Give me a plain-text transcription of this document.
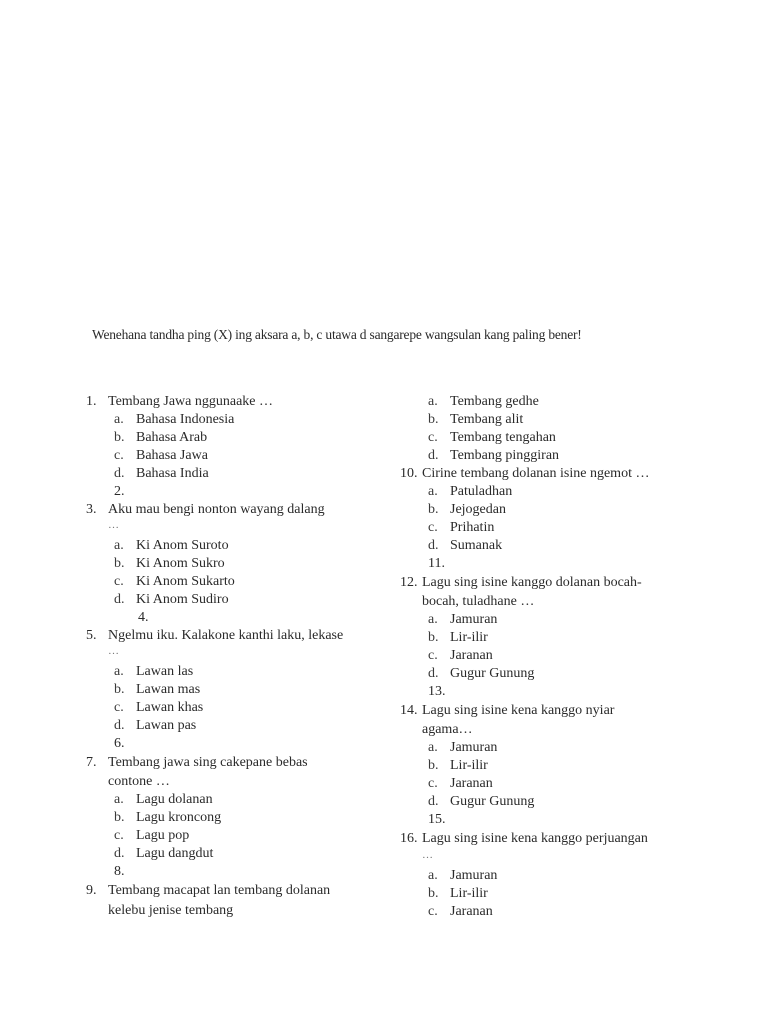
Wenehana tandha ping (X) ing aksara a, b, c utawa d sangarepe wangsulan kang paling bener!
1. Tembang Jawa nggunaake …
a. Bahasa Indonesia
b. Bahasa Arab
c. Bahasa Jawa
d. Bahasa India
2.
3. Aku mau bengi nonton wayang dalang
…
a. Ki Anom Suroto
b. Ki Anom Sukro
c. Ki Anom Sukarto
d. Ki Anom Sudiro
4.
5. Ngelmu iku. Kalakone kanthi laku, lekase
…
a. Lawan las
b. Lawan mas
c. Lawan khas
d. Lawan pas
6.
7. Tembang jawa sing cakepane bebas
contone …
a. Lagu dolanan
b. Lagu kroncong
c. Lagu pop
d. Lagu dangdut
8.
9. Tembang macapat lan tembang dolanan
kelebu jenise tembang
a. Tembang gedhe
b. Tembang alit
c. Tembang tengahan
d. Tembang pinggiran
10. Cirine tembang dolanan isine ngemot …
a. Patuladhan
b. Jejogedan
c. Prihatin
d. Sumanak
11.
12. Lagu sing isine kanggo dolanan bocah-
bocah, tuladhane …
a. Jamuran
b. Lir-ilir
c. Jaranan
d. Gugur Gunung
13.
14. Lagu sing isine kena kanggo nyiar
agama…
a. Jamuran
b. Lir-ilir
c. Jaranan
d. Gugur Gunung
15.
16. Lagu sing isine kena kanggo perjuangan
…
a. Jamuran
b. Lir-ilir
c. Jaranan
